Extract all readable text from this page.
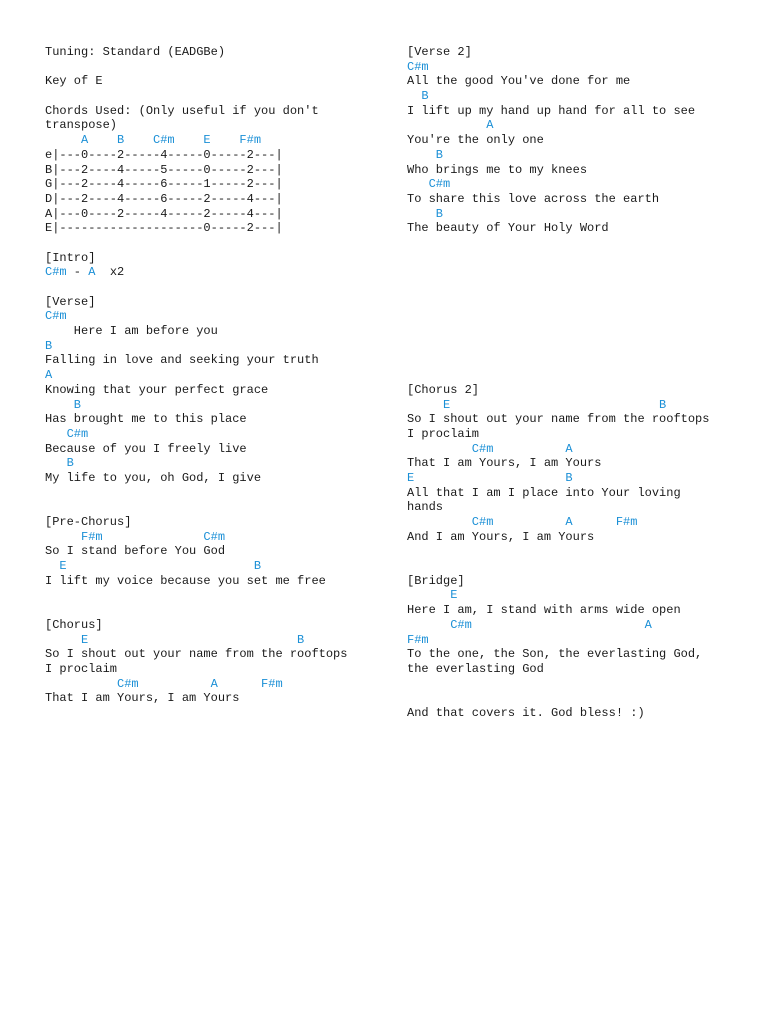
Tuning: Standard (EADGBe)
Key of E
Chords Used: (Only useful if you don't
transpose)
A    B    C#m    E    F#m
e|---0----2-----4-----0-----2---|
B|---2----4-----5-----0-----2---|
G|---2----4-----6-----1-----2---|
D|---2----4-----6-----2-----4---|
A|---0----2-----4-----2-----4---|
E|--------------------0-----2---|
[Intro]
C#m - A  x2
[Verse]
C#m
Here I am before you
B
Falling in love and seeking your truth
A
Knowing that your perfect grace
B
Has brought me to this place
C#m
Because of you I freely live
B
My life to you, oh God, I give
[Pre-Chorus]
F#m              C#m
So I stand before You God
E                          B
I lift my voice because you set me free
[Chorus]
E                             B
So I shout out your name from the rooftops
I proclaim
C#m          A      F#m
That I am Yours, I am Yours
[Verse 2]
C#m
All the good You've done for me
B
I lift up my hand up hand for all to see
A
You're the only one
B
Who brings me to my knees
C#m
To share this love across the earth
B
The beauty of Your Holy Word
[Chorus 2]
E                             B
So I shout out your name from the rooftops
I proclaim
C#m          A
That I am Yours, I am Yours
E                     B
All that I am I place into Your loving
hands
C#m          A      F#m
And I am Yours, I am Yours
[Bridge]
E
Here I am, I stand with arms wide open
C#m                        A
F#m
To the one, the Son, the everlasting God,
the everlasting God
And that covers it. God bless! :)
